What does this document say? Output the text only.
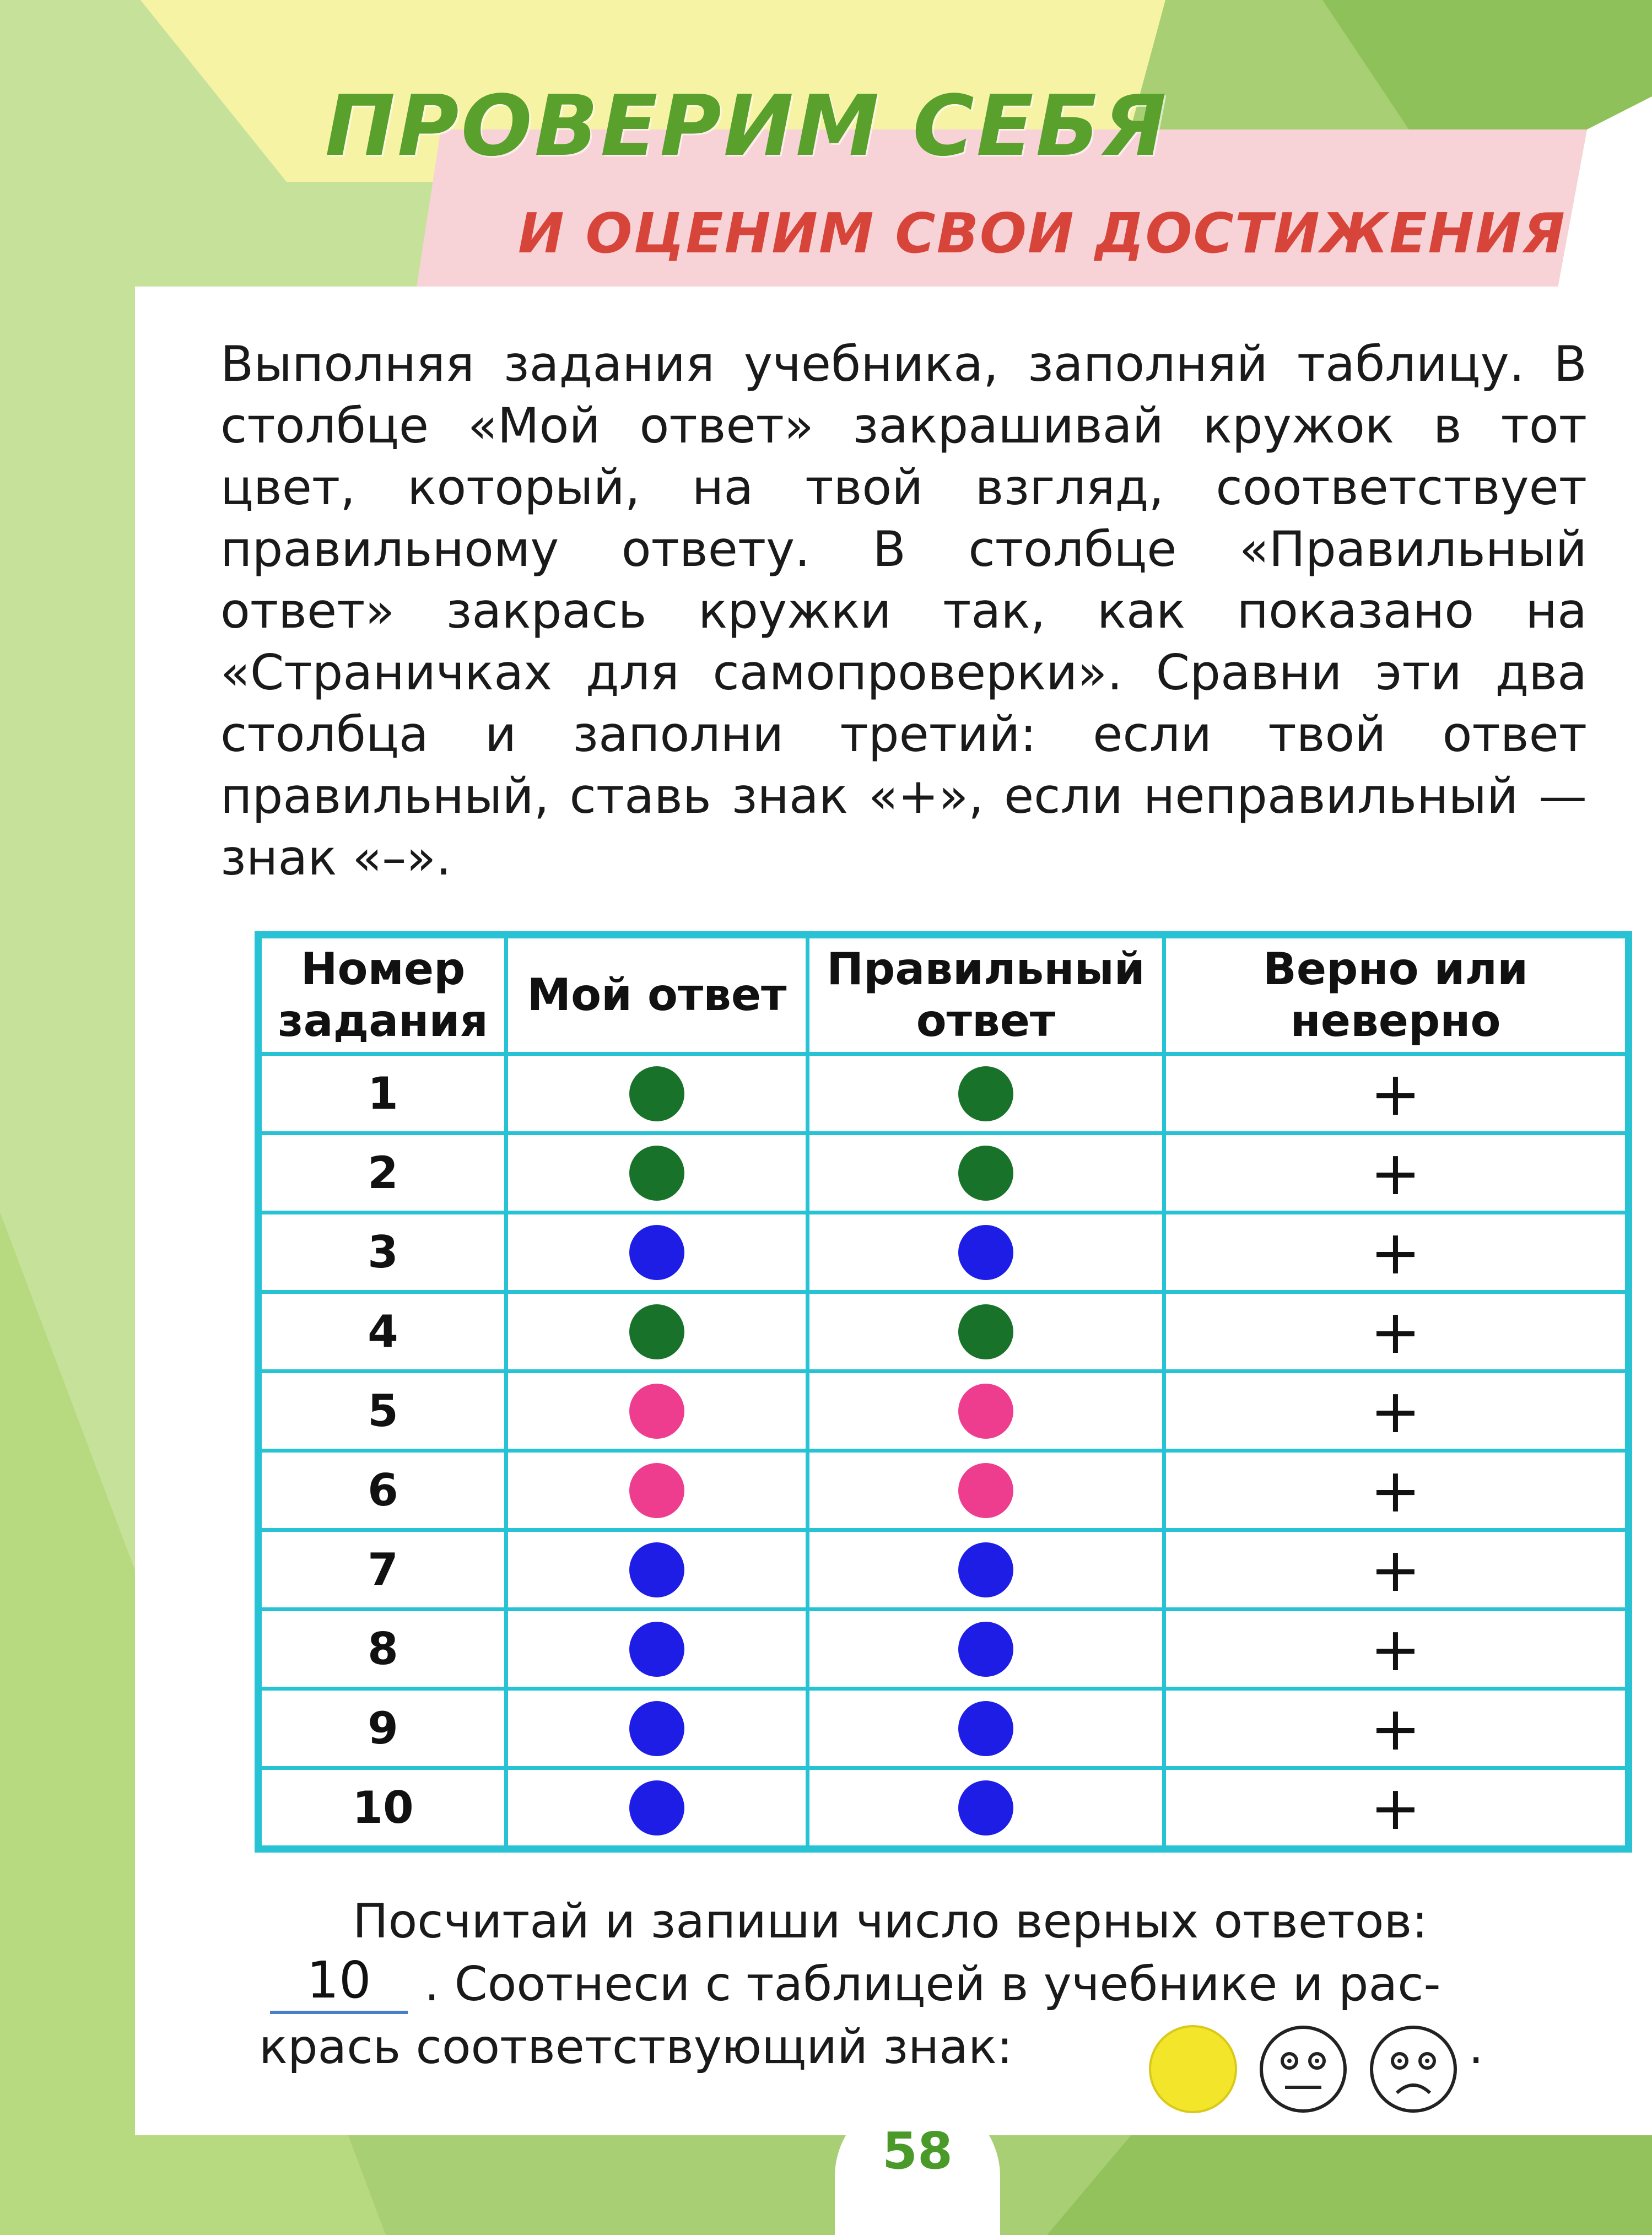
ПРОВЕРИМ СЕБЯ
И ОЦЕНИМ СВОИ ДОСТИЖЕНИЯ

Выполняя задания учебника, заполняй таблицу. В столбце «Мой ответ» закрашивай кружок в тот цвет, который, на твой взгляд, соответствует правильному ответу. В столбце «Правильный ответ» закрась кружки так, как показано на «Страничках для самопроверки». Сравни эти два столбца и заполни третий: если твой ответ правильный, ставь знак «+», если неправильный — знак «–».

Номер задания	Мой ответ	Правильный ответ	Верно или неверно
1			+
2			+
3			+
4			+
5			+
6			+
7			+
8			+
9			+
10			+
Посчитай и запиши число верных ответов:
. Соотнеси с таблицей в учебнике и рас-
крась соответствующий знак:	.
10
58
